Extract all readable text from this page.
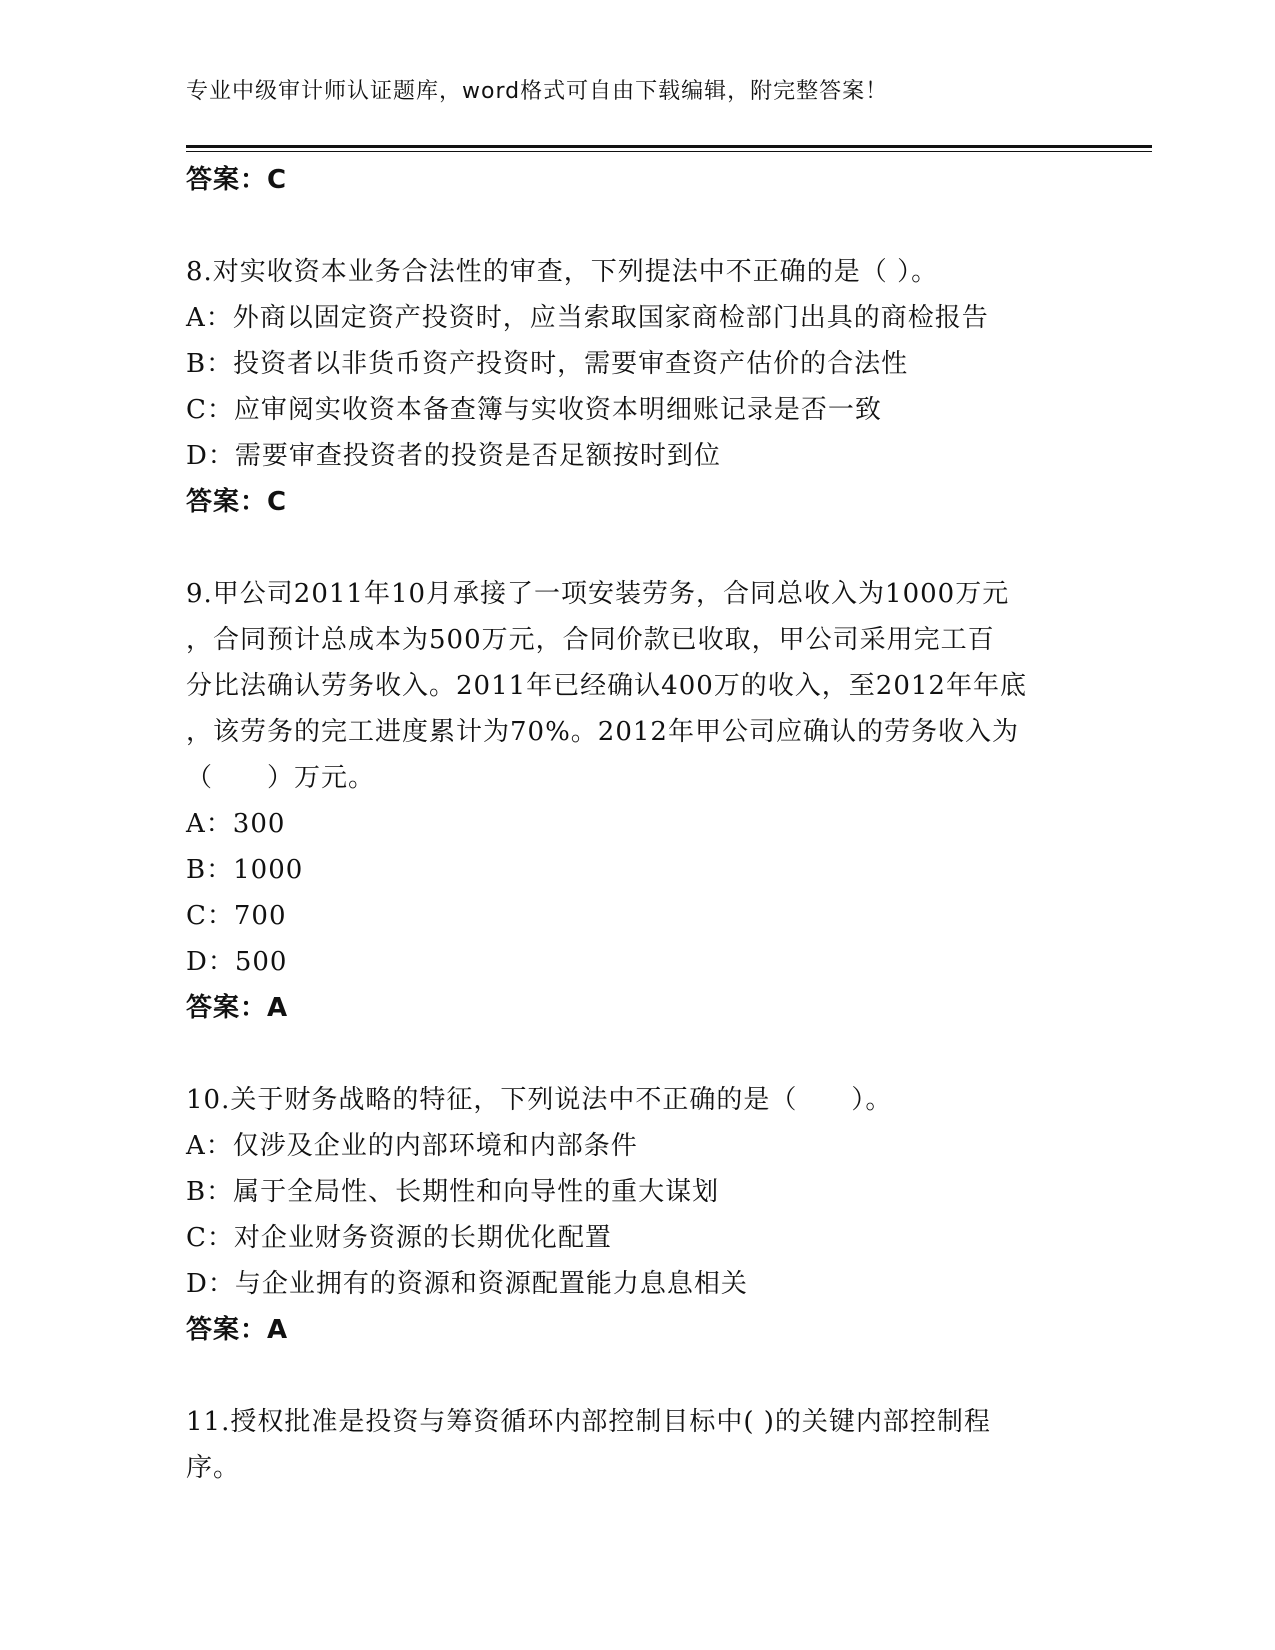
专业中级审计师认证题库，word格式可自由下载编辑，附完整答案！
答案：C
8.对实收资本业务合法性的审查，下列提法中不正确的是（ ）。
A：外商以固定资产投资时，应当索取国家商检部门出具的商检报告
B：投资者以非货币资产投资时，需要审查资产估价的合法性
C：应审阅实收资本备查簿与实收资本明细账记录是否一致
D：需要审查投资者的投资是否足额按时到位
答案：C
9.甲公司2011年10月承接了一项安装劳务，合同总收入为1000万元
，合同预计总成本为500万元，合同价款已收取，甲公司采用完工百
分比法确认劳务收入。2011年已经确认400万的收入，至2012年年底
，该劳务的完工进度累计为70%。2012年甲公司应确认的劳务收入为
（　　）万元。
A：300
B：1000
C：700
D：500
答案：A
10.关于财务战略的特征，下列说法中不正确的是（　　）。
A：仅涉及企业的内部环境和内部条件
B：属于全局性、长期性和向导性的重大谋划
C：对企业财务资源的长期优化配置
D：与企业拥有的资源和资源配置能力息息相关
答案：A
11.授权批准是投资与筹资循环内部控制目标中( )的关键内部控制程
序。
